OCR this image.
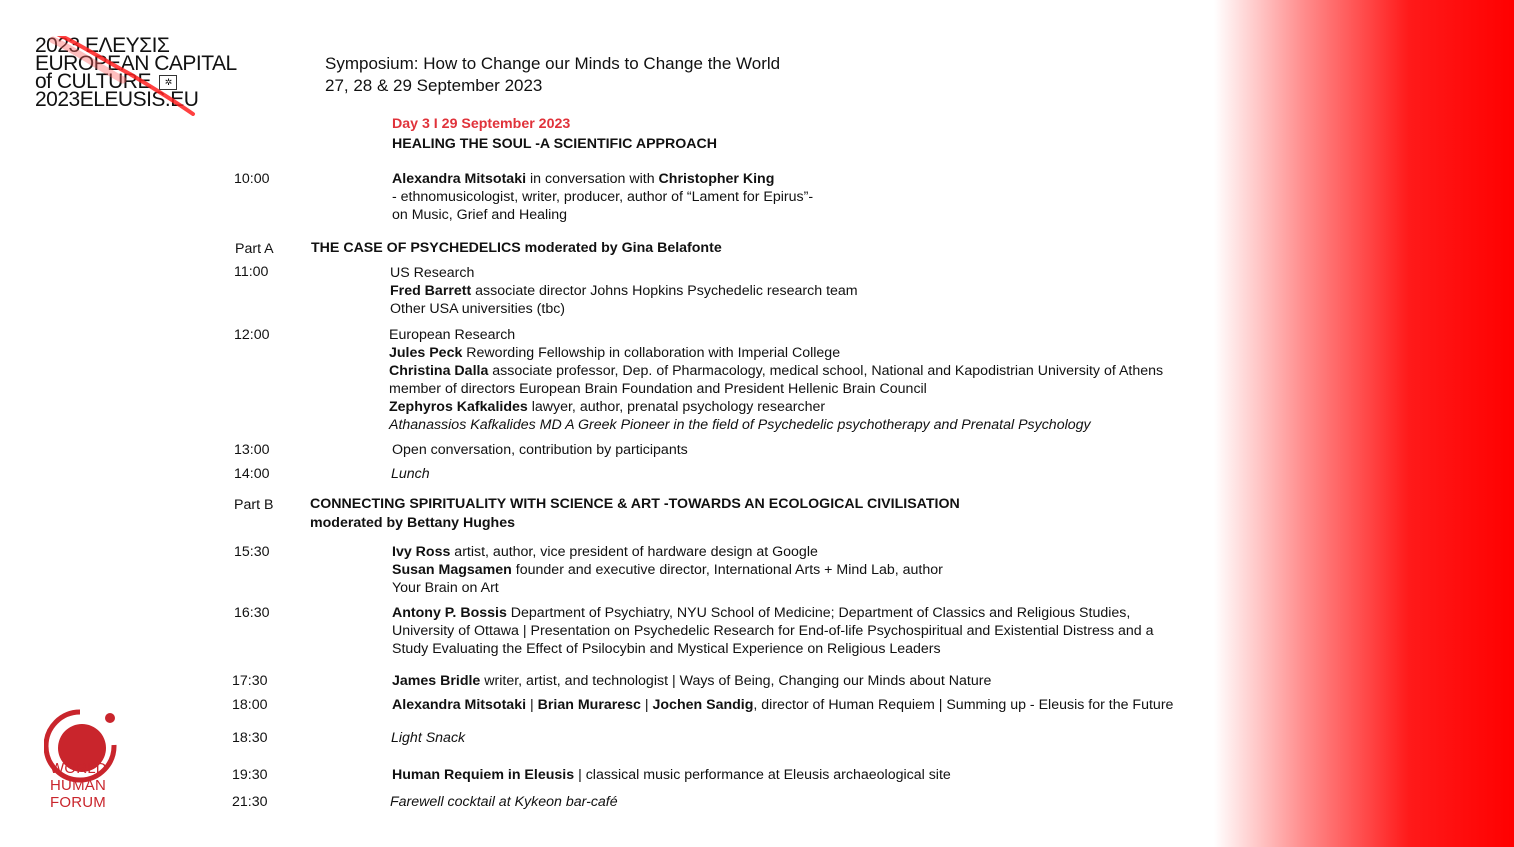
2023 ΕΛΕΥΣΙΣ
EUROPEAN CAPITAL
of CULTURE ✲
2023ELEUSIS.EU
Symposium: How to Change our Minds to Change the World
27, 28 & 29 September 2023
Day 3 I 29 September 2023
HEALING THE SOUL -A SCIENTIFIC APPROACH
10:00	Alexandra Mitsotaki in conversation with Christopher King
- ethnomusicologist, writer, producer, author of “Lament for Epirus”-
on Music, Grief and Healing
Part A	THE CASE OF PSYCHEDELICS moderated by Gina Belafonte
11:00	US Research
Fred Barrett associate director Johns Hopkins Psychedelic research team
Other USA universities (tbc)
12:00	European Research
Jules Peck Rewording Fellowship in collaboration with Imperial College
Christina Dalla associate professor, Dep. of Pharmacology, medical school, National and Kapodistrian University of Athens
member of directors European Brain Foundation and President Hellenic Brain Council
Zephyros Kafkalides lawyer, author, prenatal psychology researcher
Athanassios Kafkalides MD A Greek Pioneer in the field of Psychedelic psychotherapy and Prenatal Psychology
13:00	Open conversation, contribution by participants
14:00	Lunch
Part B	CONNECTING SPIRITUALITY WITH SCIENCE & ART -TOWARDS AN ECOLOGICAL CIVILISATION
moderated by Bettany Hughes
15:30	Ivy Ross artist, author, vice president of hardware design at Google
Susan Magsamen founder and executive director, International Arts + Mind Lab, author
Your Brain on Art
16:30	Antony P. Bossis Department of Psychiatry, NYU School of Medicine; Department of Classics and Religious Studies,
University of Ottawa | Presentation on Psychedelic Research for End-of-life Psychospiritual and Existential Distress and a
Study Evaluating the Effect of Psilocybin and Mystical Experience on Religious Leaders
17:30	James Bridle writer, artist, and technologist | Ways of Being, Changing our Minds about Nature
18:00	Alexandra Mitsotaki | Brian Muraresc | Jochen Sandig, director of Human Requiem | Summing up - Eleusis for the Future
18:30	Light Snack
19:30	Human Requiem in Eleusis | classical music performance at Eleusis archaeological site
21:30	Farewell cocktail at Kykeon bar-café
WORLD
HUMAN
FORUM
